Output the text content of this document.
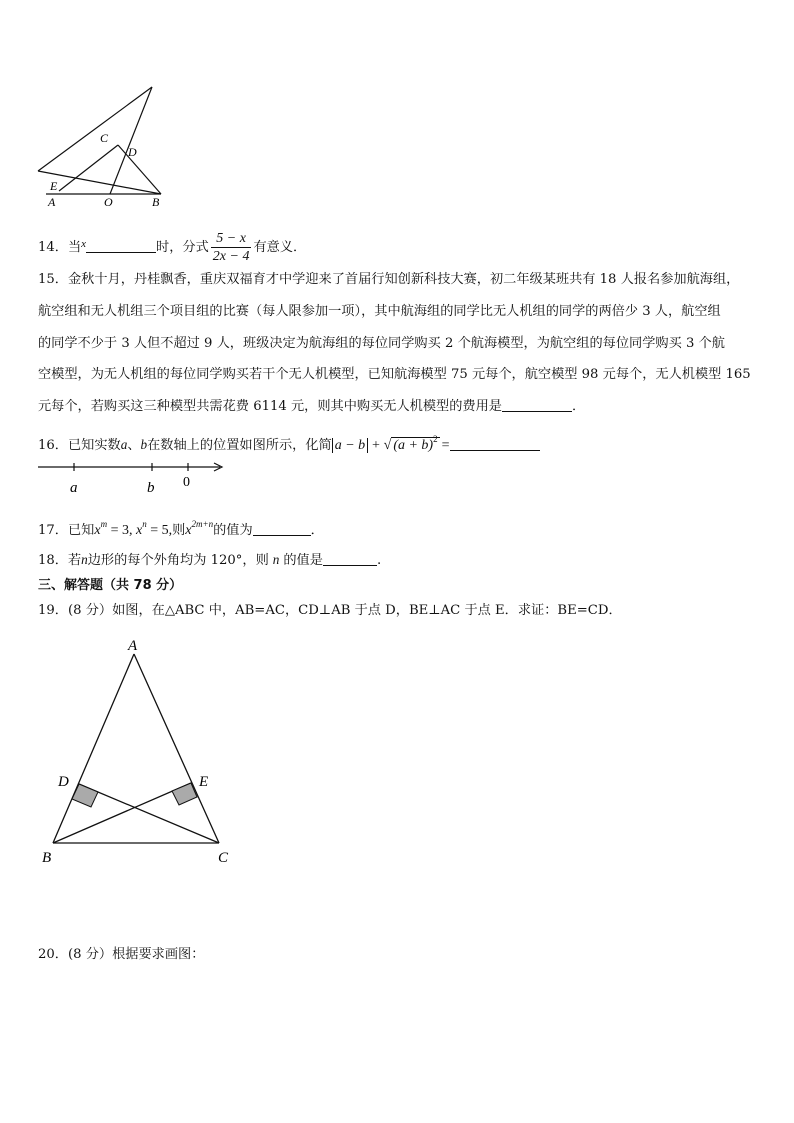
C
D
E
A	O	B
14．当$^x$	时，分式 $\frac{5 - x}{2x - 4}$ 有意义．
15．金秋十月，丹桂飘香，重庆双福育才中学迎来了首届行知创新科技大赛，初二年级某班共有 18 人报名参加航海组，
航空组和无人机组三个项目组的比赛（每人限参加一项），其中航海组的同学比无人机组的同学的两倍少 3 人，航空组
的同学不少于 3 人但不超过 9 人，班级决定为航海组的每位同学购买 2 个航海模型，为航空组的每位同学购买 3 个航
空模型，为无人机组的每位同学购买若干个无人机模型，已知航海模型 75 元每个，航空模型 98 元每个，无人机模型 165
元每个，若购买这三种模型共需花费 6114 元，则其中购买无人机模型的费用是	．
16．已知实数a、b在数轴上的位置如图所示，化简 a − b + √ $(a + b)^2$ =
a	b 0
17．已知$x^m = 3$, $x^n = 5$,则$x^{2m+n}$的值为	．
18．若n边形的每个外角均为 120°，则 n 的值是	.
三、解答题（共 78 分）
19．(8 分）如图，在△ABC 中，AB=AC，CD⊥AB 于点 D，BE⊥AC 于点 E．求证：BE=CD．
A
D	E
B	C
20．(8 分）根据要求画图：
